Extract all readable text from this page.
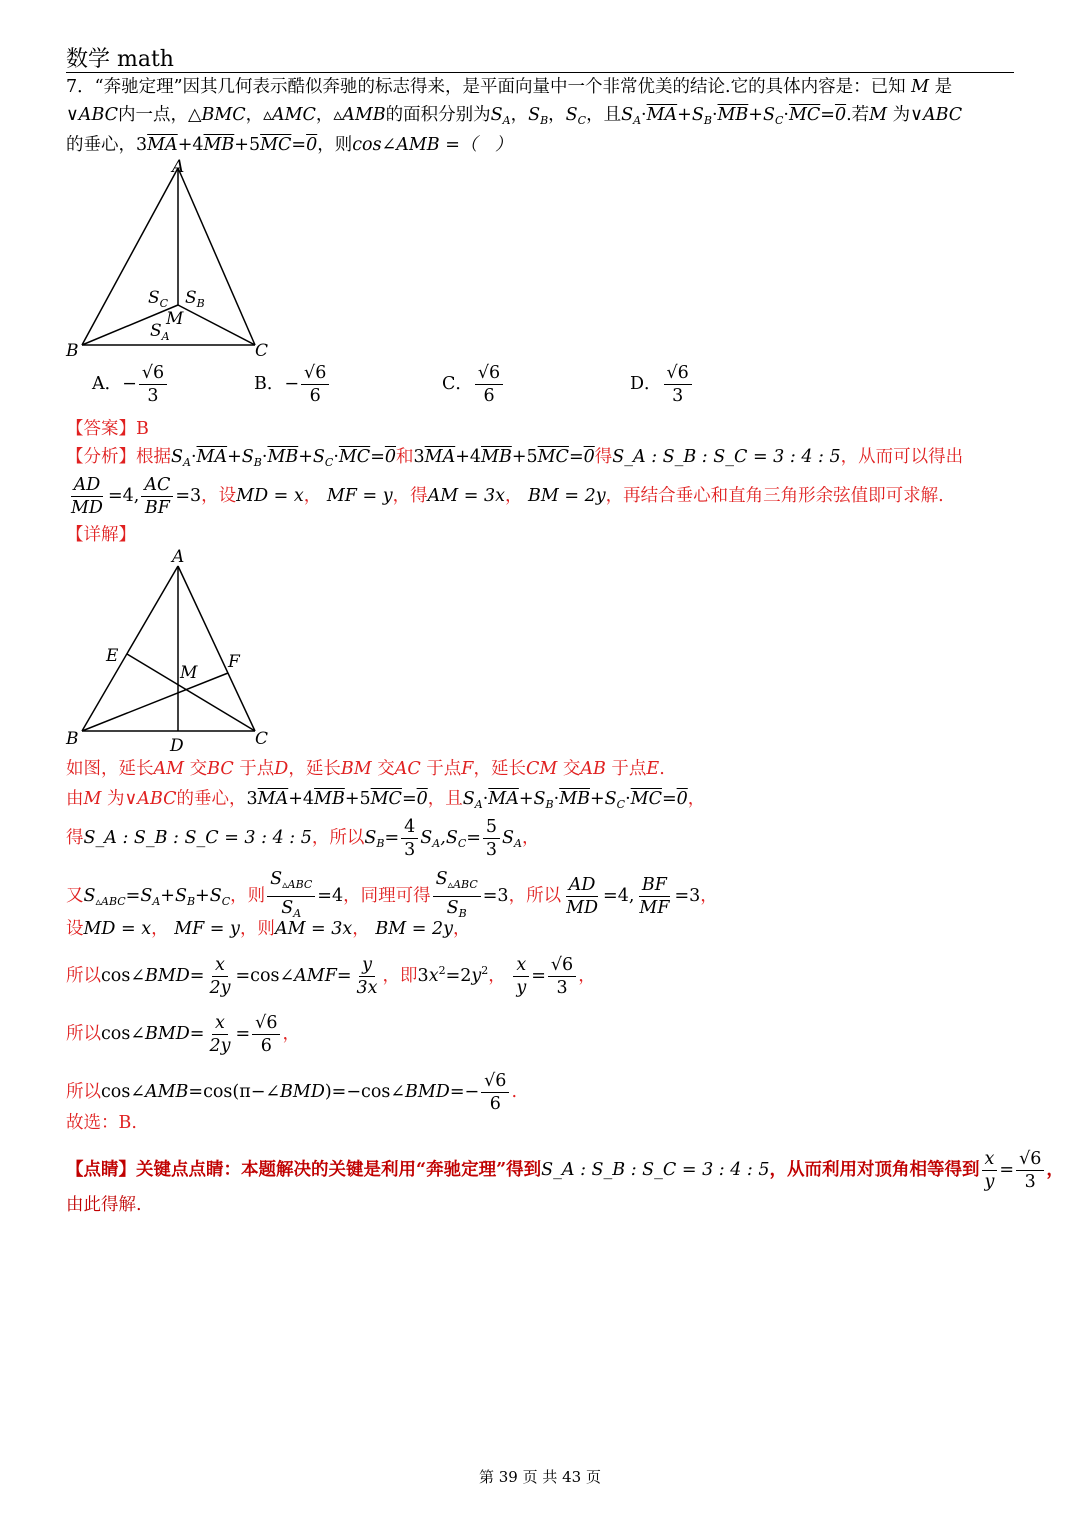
数学 math
7．“奔驰定理”因其几何表示酷似奔驰的标志得来，是平面向量中一个非常优美的结论.它的具体内容是：已知 M 是
∨ABC内一点，△BMC，▵AMC，▵AMB的面积分别为$S_A$，$S_B$，$S_C$，且$S_A\cdot\overline{MA}+S_B\cdot\overline{MB}+S_C\cdot\overline{MC}=0$.若M 为∨ABC
的垂心，$3\overline{MA}+4\overline{MB}+5\overline{MC}=0$，则cos∠AMB =（　）
A
B	C
M
$S_C$ $S_B$
$S_A$
A．− $\frac{√6}{3}$	B．− $\frac{√6}{6}$	C． $\frac{√6}{6}$	D． $\frac{√6}{3}$
【答案】B
【分析】根据$S_A\cdot\overline{MA}+S_B\cdot\overline{MB}+S_C\cdot\overline{MC}=0$和$3\overline{MA}+4\overline{MB}+5\overline{MC}=0$得S_A : S_B : S_C = 3 : 4 : 5，从而可以得出
$\frac{AD}{MD} =4$, $\frac{AC}{BF} =3$，设MD = x， MF = y，得AM = 3x， BM = 2y，再结合垂心和直角三角形余弦值即可求解.
【详解】
A
B	C
D
E	F
M
如图，延长AM 交BC 于点D，延长BM 交AC 于点F，延长CM 交AB 于点E.
由M 为∨ABC的垂心，$3\overline{MA}+4\overline{MB}+5\overline{MC}=0$，且$S_A\cdot\overline{MA}+S_B\cdot\overline{MB}+S_C\cdot\overline{MC}=0$，
得S_A : S_B : S_C = 3 : 4 : 5，所以$S_B= \frac{4}{3} S_A,S_C= \frac{5}{3} S_A$，
又$S_{▵ABC}=S_A+S_B+S_C$，则 $\frac{S_{▵ABC}}{S_A} =4$，同理可得 $\frac{S_{▵ABC}}{S_B} =3$，所以 $\frac{AD}{MD} =4$, $\frac{BF}{MF} =3$，
设MD = x， MF = y，则AM = 3x， BM = 2y，
所以cos∠BMD= $\frac{x}{2y}$ =cos∠AMF= $\frac{y}{3x}$ ，即$3x^2=2y^2$， $\frac{x}{y} = \frac{√6}{3}$ ，
所以cos∠BMD= $\frac{x}{2y} = \frac{√6}{6}$ ，
所以cos∠AMB=cos(π−∠BMD)=−cos∠BMD=− $\frac{√6}{6}$ .
故选：B.
【点睛】关键点点睛：本题解决的关键是利用“奔驰定理”得到S_A : S_B : S_C = 3 : 4 : 5，从而利用对顶角相等得到 $\frac{x}{y} = \frac{√6}{3}$ ，
由此得解.
第 39 页 共 43 页
